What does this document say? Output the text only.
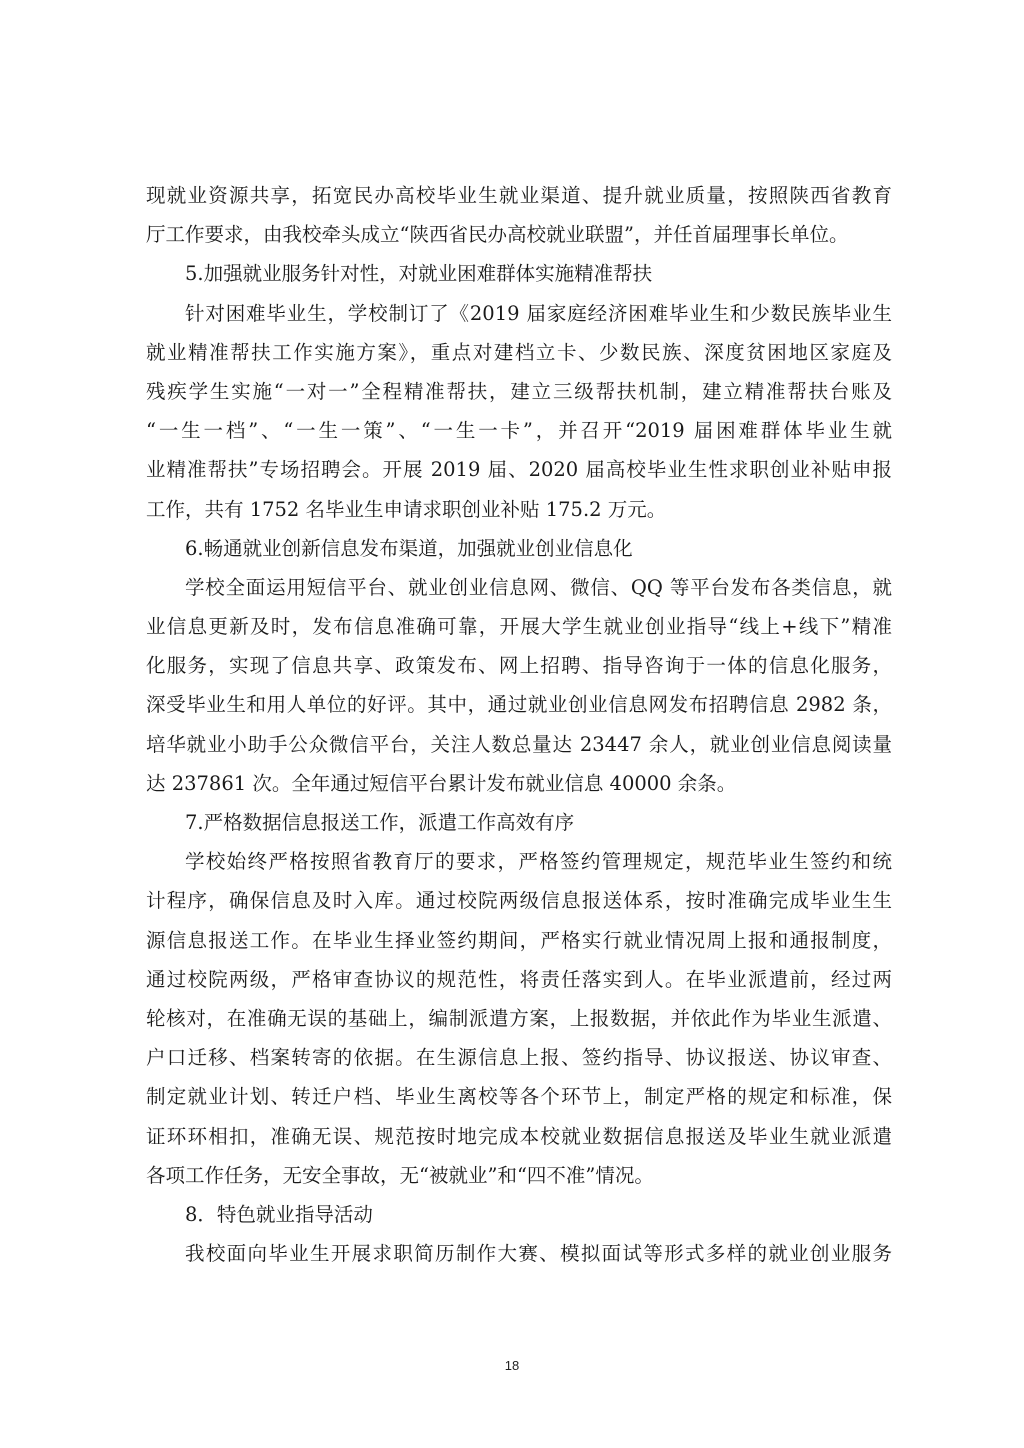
现就业资源共享，拓宽民办高校毕业生就业渠道、提升就业质量，按照陕西省教育
厅工作要求，由我校牵头成立“陕西省民办高校就业联盟”，并任首届理事长单位。
5.加强就业服务针对性，对就业困难群体实施精准帮扶
针对困难毕业生，学校制订了《2019 届家庭经济困难毕业生和少数民族毕业生
就业精准帮扶工作实施方案》，重点对建档立卡、少数民族、深度贫困地区家庭及
残疾学生实施“一对一”全程精准帮扶，建立三级帮扶机制，建立精准帮扶台账及
“一生一档”、“一生一策”、“一生一卡”，并召开“2019 届困难群体毕业生就
业精准帮扶”专场招聘会。开展 2019 届、2020 届高校毕业生性求职创业补贴申报
工作，共有 1752 名毕业生申请求职创业补贴 175.2 万元。
6.畅通就业创新信息发布渠道，加强就业创业信息化
学校全面运用短信平台、就业创业信息网、微信、QQ 等平台发布各类信息，就
业信息更新及时，发布信息准确可靠，开展大学生就业创业指导“线上+线下”精准
化服务，实现了信息共享、政策发布、网上招聘、指导咨询于一体的信息化服务，
深受毕业生和用人单位的好评。其中，通过就业创业信息网发布招聘信息 2982 条，
培华就业小助手公众微信平台，关注人数总量达 23447 余人，就业创业信息阅读量
达 237861 次。全年通过短信平台累计发布就业信息 40000 余条。
7.严格数据信息报送工作，派遣工作高效有序
学校始终严格按照省教育厅的要求，严格签约管理规定，规范毕业生签约和统
计程序，确保信息及时入库。通过校院两级信息报送体系，按时准确完成毕业生生
源信息报送工作。在毕业生择业签约期间，严格实行就业情况周上报和通报制度，
通过校院两级，严格审查协议的规范性，将责任落实到人。在毕业派遣前，经过两
轮核对，在准确无误的基础上，编制派遣方案，上报数据，并依此作为毕业生派遣、
户口迁移、档案转寄的依据。在生源信息上报、签约指导、协议报送、协议审查、
制定就业计划、转迁户档、毕业生离校等各个环节上，制定严格的规定和标准，保
证环环相扣，准确无误、规范按时地完成本校就业数据信息报送及毕业生就业派遣
各项工作任务，无安全事故，无“被就业”和“四不准”情况。
8．特色就业指导活动
我校面向毕业生开展求职简历制作大赛、模拟面试等形式多样的就业创业服务
18
